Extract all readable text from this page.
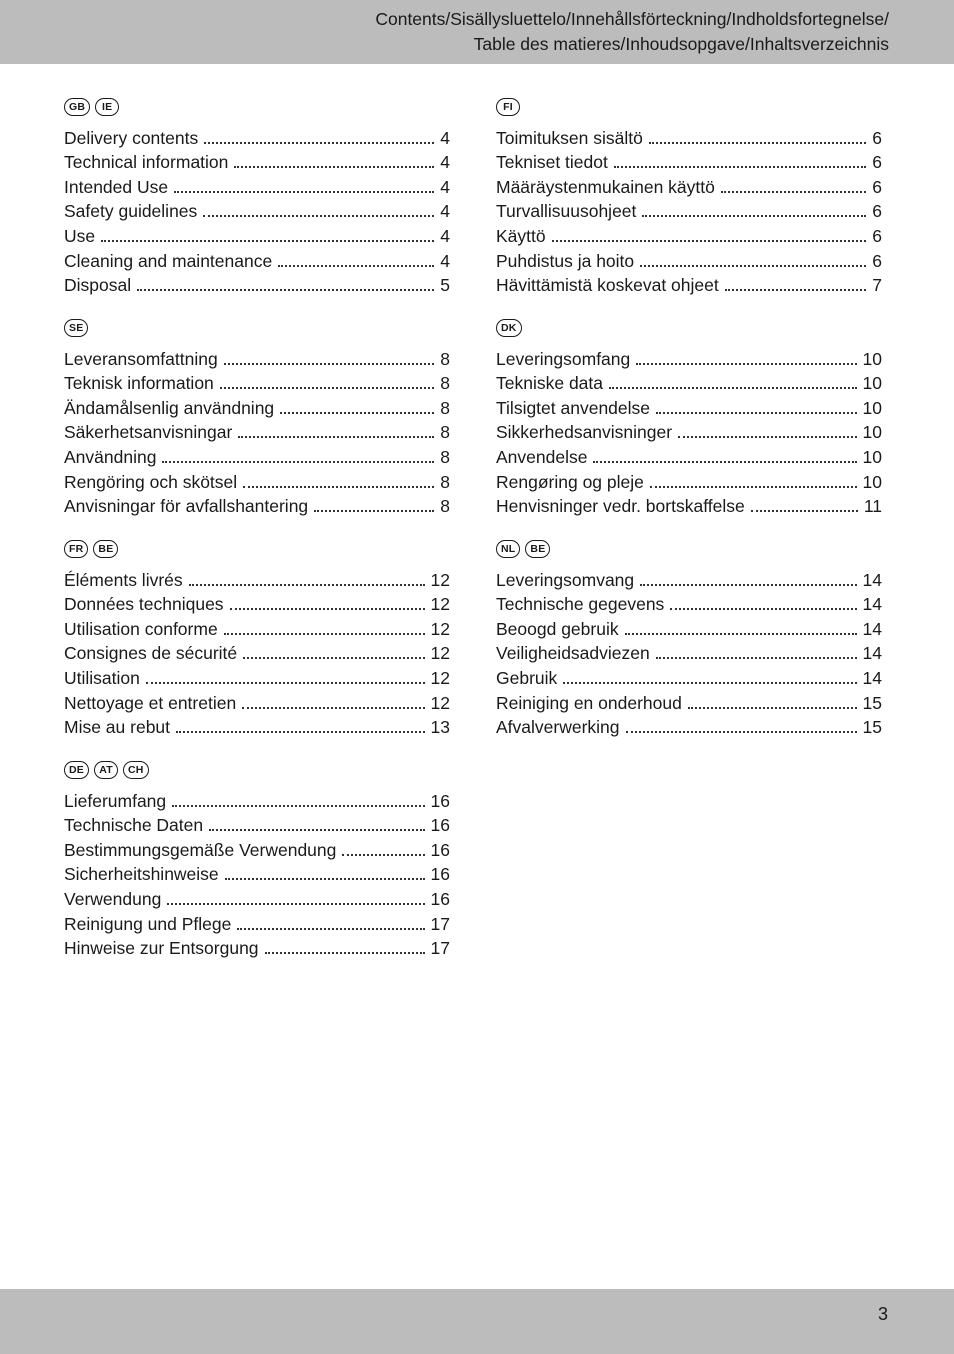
Contents/Sisällysluettelo/Innehållsförteckning/Indholdsfortegnelse/
Table des matieres/Inhoudsopgave/Inhaltsverzeichnis
GB	IE
Delivery contents	4
Technical information	4
Intended Use	4
Safety guidelines	4
Use	4
Cleaning and maintenance	4
Disposal	5
FI
Toimituksen sisältö	6
Tekniset tiedot	6
Määräystenmukainen käyttö	6
Turvallisuusohjeet	6
Käyttö	6
Puhdistus ja hoito	6
Hävittämistä koskevat ohjeet	7
SE
Leveransomfattning	8
Teknisk information	8
Ändamålsenlig användning	8
Säkerhetsanvisningar	8
Användning	8
Rengöring och skötsel	8
Anvisningar för avfallshantering	8
DK
Leveringsomfang	10
Tekniske data	10
Tilsigtet anvendelse	10
Sikkerhedsanvisninger	10
Anvendelse	10
Rengøring og pleje	10
Henvisninger vedr. bortskaffelse	11
FR	BE
Éléments livrés	12
Données techniques	12
Utilisation conforme	12
Consignes de sécurité	12
Utilisation	12
Nettoyage et entretien	12
Mise au rebut	13
NL	BE
Leveringsomvang	14
Technische gegevens	14
Beoogd gebruik	14
Veiligheidsadviezen	14
Gebruik	14
Reiniging en onderhoud	15
Afvalverwerking	15
DE	AT	CH
Lieferumfang	16
Technische Daten	16
Bestimmungsgemäße Verwendung	16
Sicherheitshinweise	16
Verwendung	16
Reinigung und Pflege	17
Hinweise zur Entsorgung	17
3
